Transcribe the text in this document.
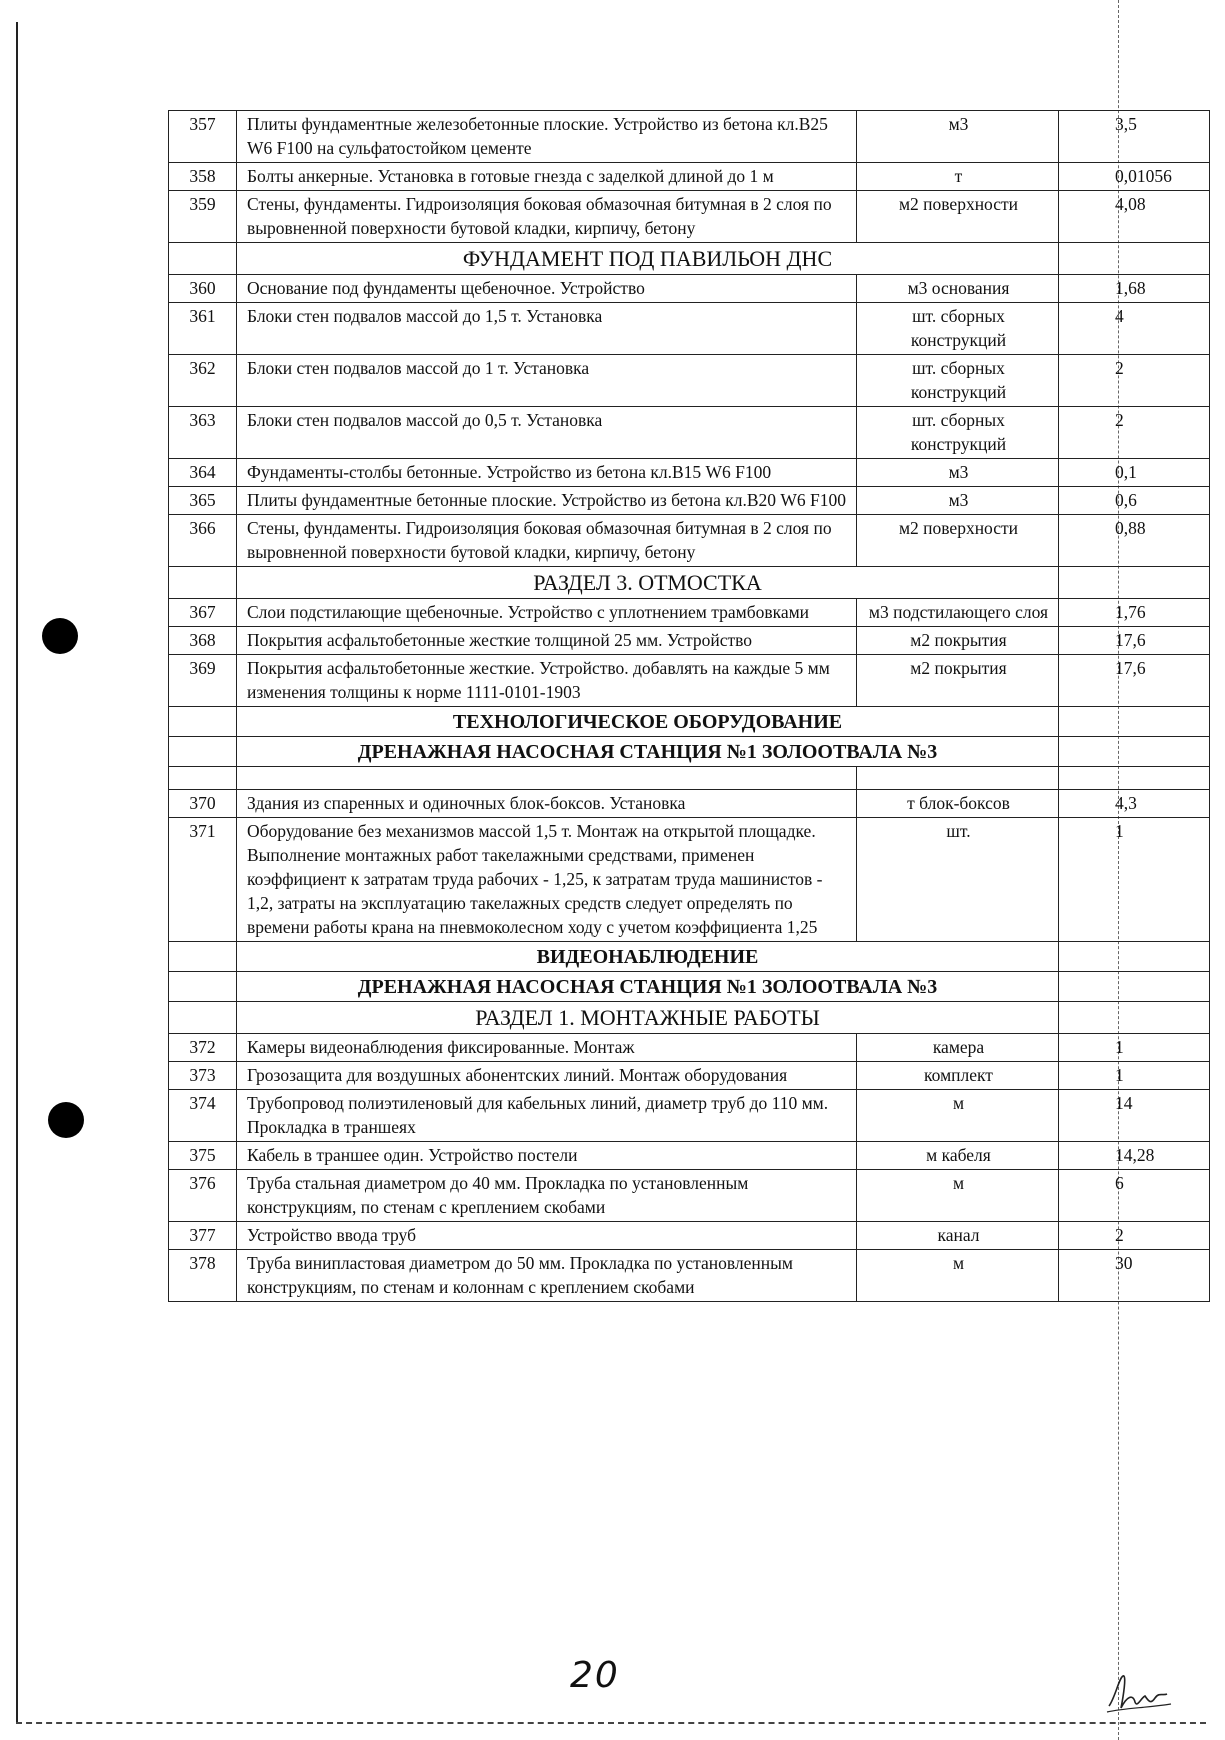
357	Плиты фундаментные железобетонные плоские. Устройство из бетона кл.В25 W6 F100 на сульфатостойком цементе	м3	3,5
358	Болты анкерные. Установка в готовые гнезда с заделкой длиной до 1 м	т	0,01056
359	Стены, фундаменты. Гидроизоляция боковая обмазочная битумная в 2 слоя по выровненной поверхности бутовой кладки, кирпичу, бетону	м2 поверхности	4,08
	ФУНДАМЕНТ ПОД ПАВИЛЬОН ДНС		
360	Основание под фундаменты щебеночное. Устройство	м3 основания	1,68
361	Блоки стен подвалов массой до 1,5 т. Установка	шт. сборных конструкций	4
362	Блоки стен подвалов массой до 1 т. Установка	шт. сборных конструкций	2
363	Блоки стен подвалов массой до 0,5 т. Установка	шт. сборных конструкций	2
364	Фундаменты-столбы бетонные. Устройство из бетона кл.В15 W6 F100	м3	0,1
365	Плиты фундаментные бетонные плоские. Устройство из бетона кл.В20 W6 F100	м3	0,6
366	Стены, фундаменты. Гидроизоляция боковая обмазочная битумная в 2 слоя по выровненной поверхности бутовой кладки, кирпичу, бетону	м2 поверхности	0,88
	РАЗДЕЛ 3. ОТМОСТКА		
367	Слои подстилающие щебеночные. Устройство с уплотнением трамбовками	м3 подстилающего слоя	1,76
368	Покрытия асфальтобетонные жесткие толщиной 25 мм. Устройство	м2 покрытия	17,6
369	Покрытия асфальтобетонные жесткие. Устройство. добавлять на каждые 5 мм изменения толщины к норме 1111-0101-1903	м2 покрытия	17,6
	ТЕХНОЛОГИЧЕСКОЕ ОБОРУДОВАНИЕ		
	ДРЕНАЖНАЯ НАСОСНАЯ СТАНЦИЯ №1 ЗОЛООТВАЛА №3		

370	Здания из спаренных и одиночных блок-боксов. Установка	т блок-боксов	4,3
371	Оборудование без механизмов массой 1,5 т. Монтаж на открытой площадке. Выполнение монтажных работ такелажными средствами, применен коэффициент к затратам труда рабочих - 1,25, к затратам труда машинистов - 1,2, затраты на эксплуатацию такелажных средств следует определять по времени работы крана на пневмоколесном ходу с учетом коэффициента 1,25	шт.	1
	ВИДЕОНАБЛЮДЕНИЕ		
	ДРЕНАЖНАЯ НАСОСНАЯ СТАНЦИЯ №1 ЗОЛООТВАЛА №3		
	РАЗДЕЛ 1. МОНТАЖНЫЕ РАБОТЫ		
372	Камеры видеонаблюдения фиксированные. Монтаж	камера	1
373	Грозозащита для воздушных абонентских линий. Монтаж оборудования	комплект	1
374	Трубопровод полиэтиленовый для кабельных линий, диаметр труб до 110 мм. Прокладка в траншеях	м	14
375	Кабель в траншее один. Устройство постели	м кабеля	14,28
376	Труба стальная диаметром до 40 мм. Прокладка по установленным конструкциям, по стенам с креплением скобами	м	6
377	Устройство ввода труб	канал	2
378	Труба винипластовая диаметром до 50 мм. Прокладка по установленным конструкциям, по стенам и колоннам с креплением скобами	м	30
20
